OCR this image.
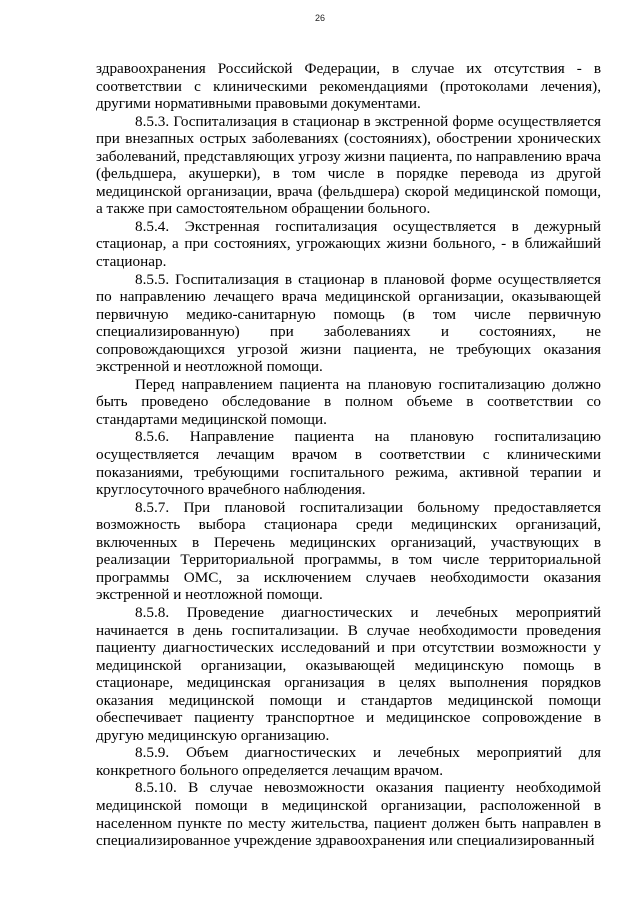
26

здравоохранения Российской Федерации, в случае их отсутствия - в соответствии с клиническими рекомендациями (протоколами лечения), другими нормативными правовыми документами.

8.5.3. Госпитализация в стационар в экстренной форме осуществляется при внезапных острых заболеваниях (состояниях), обострении хронических заболеваний, представляющих угрозу жизни пациента, по направлению врача (фельдшера, акушерки), в том числе в порядке перевода из другой медицинской организации, врача (фельдшера) скорой медицинской помощи, а также при самостоятельном обращении больного.

8.5.4. Экстренная госпитализация осуществляется в дежурный стационар, а при состояниях, угрожающих жизни больного, - в ближайший стационар.

8.5.5. Госпитализация в стационар в плановой форме осуществляется по направлению лечащего врача медицинской организации, оказывающей первичную медико-санитарную помощь (в том числе первичную специализированную) при заболеваниях и состояниях, не сопровождающихся угрозой жизни пациента, не требующих оказания экстренной и неотложной помощи.

Перед направлением пациента на плановую госпитализацию должно быть проведено обследование в полном объеме в соответствии со стандартами медицинской помощи.

8.5.6. Направление пациента на плановую госпитализацию осуществляется лечащим врачом в соответствии с клиническими показаниями, требующими госпитального режима, активной терапии и круглосуточного врачебного наблюдения.

8.5.7. При плановой госпитализации больному предоставляется возможность выбора стационара среди медицинских организаций, включенных в Перечень медицинских организаций, участвующих в реализации Территориальной программы, в том числе территориальной программы ОМС, за исключением случаев необходимости оказания экстренной и неотложной помощи.

8.5.8. Проведение диагностических и лечебных мероприятий начинается в день госпитализации. В случае необходимости проведения пациенту диагностических исследований и при отсутствии возможности у медицинской организации, оказывающей медицинскую помощь в стационаре, медицинская организация в целях выполнения порядков оказания медицинской помощи и стандартов медицинской помощи обеспечивает пациенту транспортное и медицинское сопровождение в другую медицинскую организацию.

8.5.9. Объем диагностических и лечебных мероприятий для конкретного больного определяется лечащим врачом.

8.5.10. В случае невозможности оказания пациенту необходимой медицинской помощи в медицинской организации, расположенной в населенном пункте по месту жительства, пациент должен быть направлен в специализированное учреждение здравоохранения или специализированный
